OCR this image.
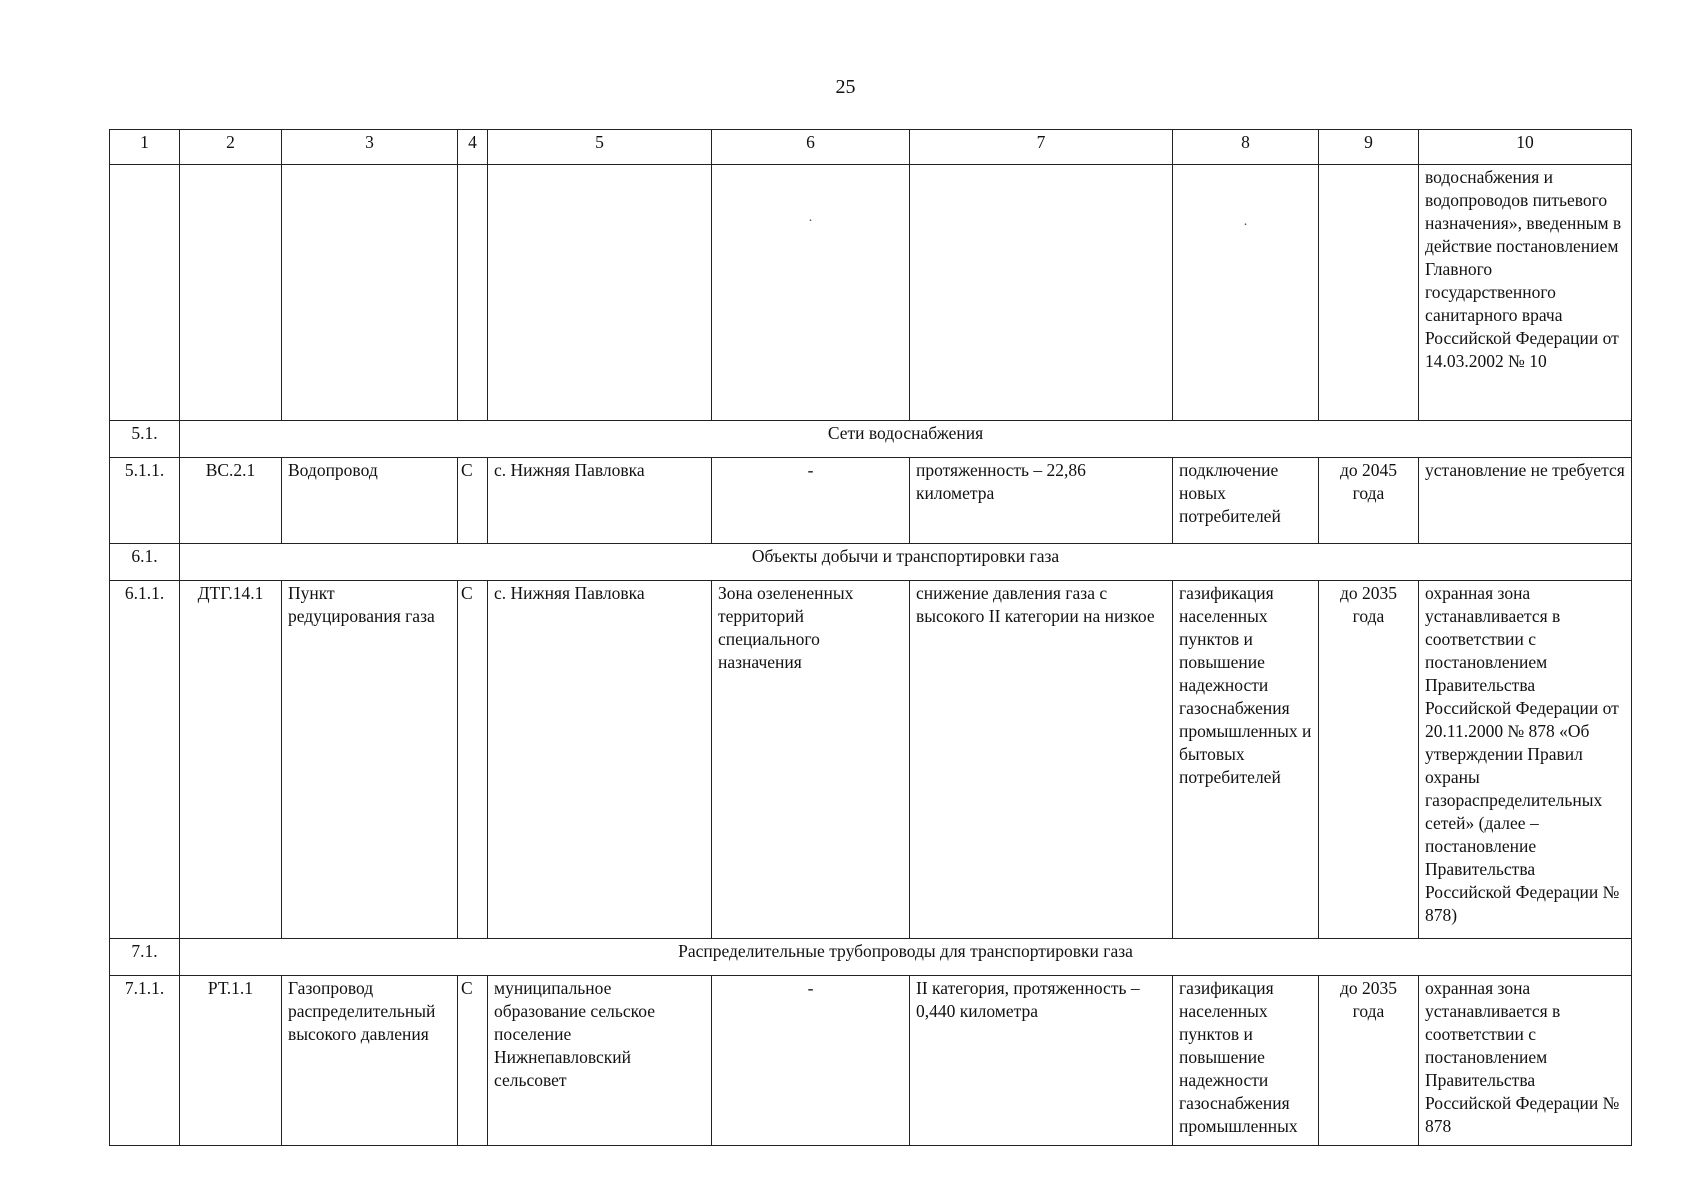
25
1	2	3	4	5	6	7	8	9	10

					.		.		водоснабжения и водопроводов питьевого назначения», введенным в действие постановлением Главного государственного санитарного врача Российской Федерации от 14.03.2002 № 10
5.1.	Сети водоснабжения								
5.1.1.	ВС.2.1	Водопровод	С	с. Нижняя Павловка	-	протяженность – 22,86 километра	подключение новых потребителей	до 2045 года	установление не требуется
6.1.	Объекты добычи и транспортировки газа								
6.1.1.	ДТГ.14.1	Пункт редуцирования газа	С	с. Нижняя Павловка	Зона озелененных территорий специального назначения	снижение давления газа с высокого II категории на низкое	газификация населенных пунктов и повышение надежности газоснабжения промышленных и бытовых потребителей	до 2035 года	охранная зона устанавливается в соответствии с постановлением Правительства Российской Федерации от 20.11.2000 № 878 «Об утверждении Правил охраны газораспределительных сетей» (далее – постановление Правительства Российской Федерации № 878)
7.1.	Распределительные трубопроводы для транспортировки газа								
7.1.1.	РТ.1.1	Газопровод распределительный высокого давления	С	муниципальное образование сельское поселение Нижнепавловский сельсовет	-	II категория, протяженность – 0,440 километра	газификация населенных пунктов и повышение надежности газоснабжения промышленных	до 2035 года	охранная зона устанавливается в соответствии с постановлением Правительства Российской Федерации № 878
